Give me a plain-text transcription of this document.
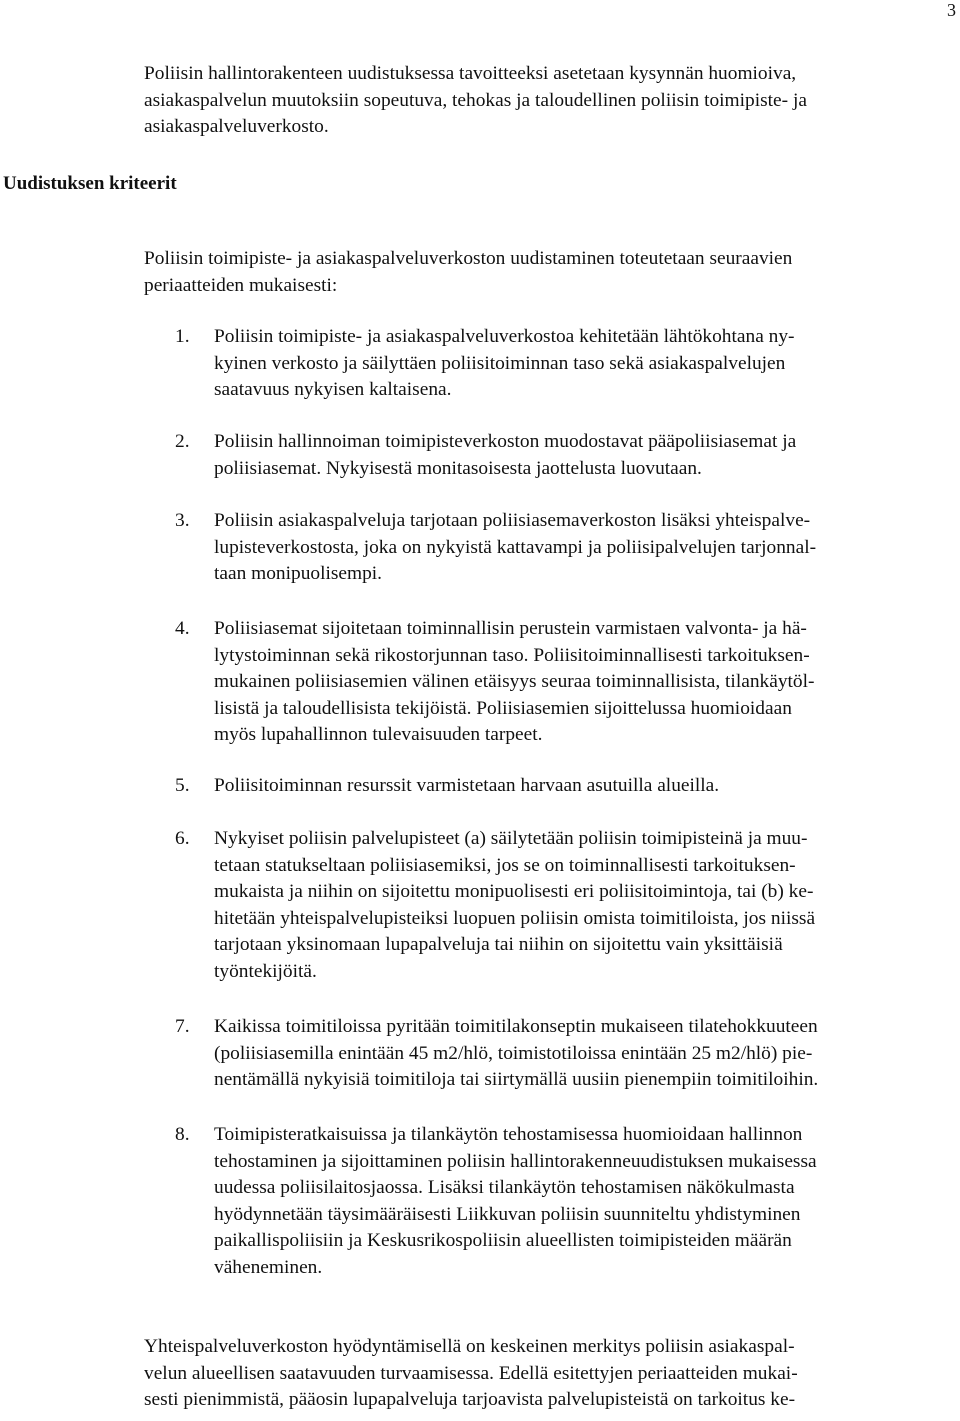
3
Uudistuksen kriteerit

Poliisin hallintorakenteen uudistuksessa tavoitteeksi asetetaan kysynnän huomioiva,
asiakaspalvelun muutoksiin sopeutuva, tehokas ja taloudellinen poliisin toimipiste- ja
asiakaspalveluverkosto.

Poliisin toimipiste- ja asiakaspalveluverkoston uudistaminen toteutetaan seuraavien
periaatteiden mukaisesti:

1.	Poliisin toimipiste- ja asiakaspalveluverkostoa kehitetään lähtökohtana ny-
kyinen verkosto ja säilyttäen poliisitoiminnan taso sekä asiakaspalvelujen
saatavuus nykyisen kaltaisena.
2.	Poliisin hallinnoiman toimipisteverkoston muodostavat pääpoliisiasemat ja
poliisiasemat. Nykyisestä monitasoisesta jaottelusta luovutaan.
3.	Poliisin asiakaspalveluja tarjotaan poliisiasemaverkoston lisäksi yhteispalve-
lupisteverkostosta, joka on nykyistä kattavampi ja poliisipalvelujen tarjonnal-
taan monipuolisempi.
4.	Poliisiasemat sijoitetaan toiminnallisin perustein varmistaen valvonta- ja hä-
lytystoiminnan sekä rikostorjunnan taso. Poliisitoiminnallisesti tarkoituksen-
mukainen poliisiasemien välinen etäisyys seuraa toiminnallisista, tilankäytöl-
lisistä ja taloudellisista tekijöistä. Poliisiasemien sijoittelussa huomioidaan
myös lupahallinnon tulevaisuuden tarpeet.
5.	Poliisitoiminnan resurssit varmistetaan harvaan asutuilla alueilla.
6.	Nykyiset poliisin palvelupisteet (a) säilytetään poliisin toimipisteinä ja muu-
tetaan statukseltaan poliisiasemiksi, jos se on toiminnallisesti tarkoituksen-
mukaista ja niihin on sijoitettu monipuolisesti eri poliisitoimintoja, tai (b) ke-
hitetään yhteispalvelupisteiksi luopuen poliisin omista toimitiloista, jos niissä
tarjotaan yksinomaan lupapalveluja tai niihin on sijoitettu vain yksittäisiä
työntekijöitä.
7.	Kaikissa toimitiloissa pyritään toimitilakonseptin mukaiseen tilatehokkuuteen
(poliisiasemilla enintään 45 m2/hlö, toimistotiloissa enintään 25 m2/hlö) pie-
nentämällä nykyisiä toimitiloja tai siirtymällä uusiin pienempiin toimitiloihin.
8.	Toimipisteratkaisuissa ja tilankäytön tehostamisessa huomioidaan hallinnon
tehostaminen ja sijoittaminen poliisin hallintorakenneuudistuksen mukaisessa
uudessa poliisilaitosjaossa. Lisäksi tilankäytön tehostamisen näkökulmasta
hyödynnetään täysimääräisesti Liikkuvan poliisin suunniteltu yhdistyminen
paikallispoliisiin ja Keskusrikospoliisin alueellisten toimipisteiden määrän
väheneminen.

Yhteispalveluverkoston hyödyntämisellä on keskeinen merkitys poliisin asiakaspal-
velun alueellisen saatavuuden turvaamisessa. Edellä esitettyjen periaatteiden mukai-
sesti pienimmistä, pääosin lupapalveluja tarjoavista palvelupisteistä on tarkoitus ke-
